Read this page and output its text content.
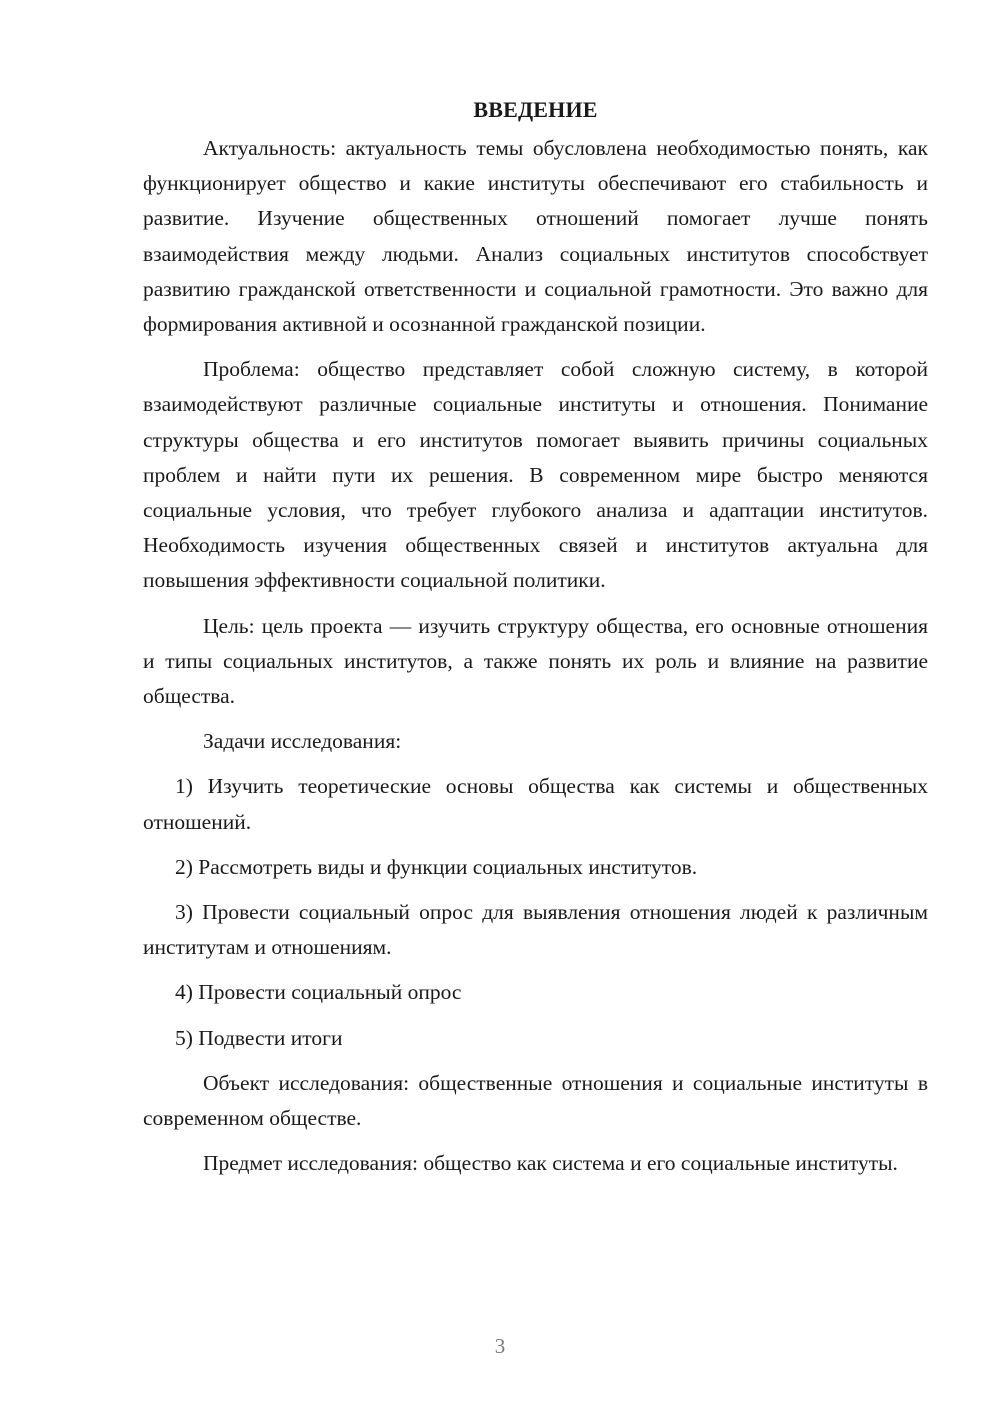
ВВЕДЕНИЕ

Актуальность: актуальность темы обусловлена необходимостью понять, как функционирует общество и какие институты обеспечивают его стабильность и развитие. Изучение общественных отношений помогает лучше понять взаимодействия между людьми. Анализ социальных институтов способствует развитию гражданской ответственности и социальной грамотности. Это важно для формирования активной и осознанной гражданской позиции.

Проблема: общество представляет собой сложную систему, в которой взаимодействуют различные социальные институты и отношения. Понимание структуры общества и его институтов помогает выявить причины социальных проблем и найти пути их решения. В современном мире быстро меняются социальные условия, что требует глубокого анализа и адаптации институтов. Необходимость изучения общественных связей и институтов актуальна для повышения эффективности социальной политики.

Цель: цель проекта — изучить структуру общества, его основные отношения и типы социальных институтов, а также понять их роль и влияние на развитие общества.

Задачи исследования:

1) Изучить теоретические основы общества как системы и общественных отношений.

2) Рассмотреть виды и функции социальных институтов.

3) Провести социальный опрос для выявления отношения людей к различным институтам и отношениям.

4) Провести социальный опрос

5) Подвести итоги

Объект исследования: общественные отношения и социальные институты в современном обществе.

Предмет исследования: общество как система и его социальные институты.

3
